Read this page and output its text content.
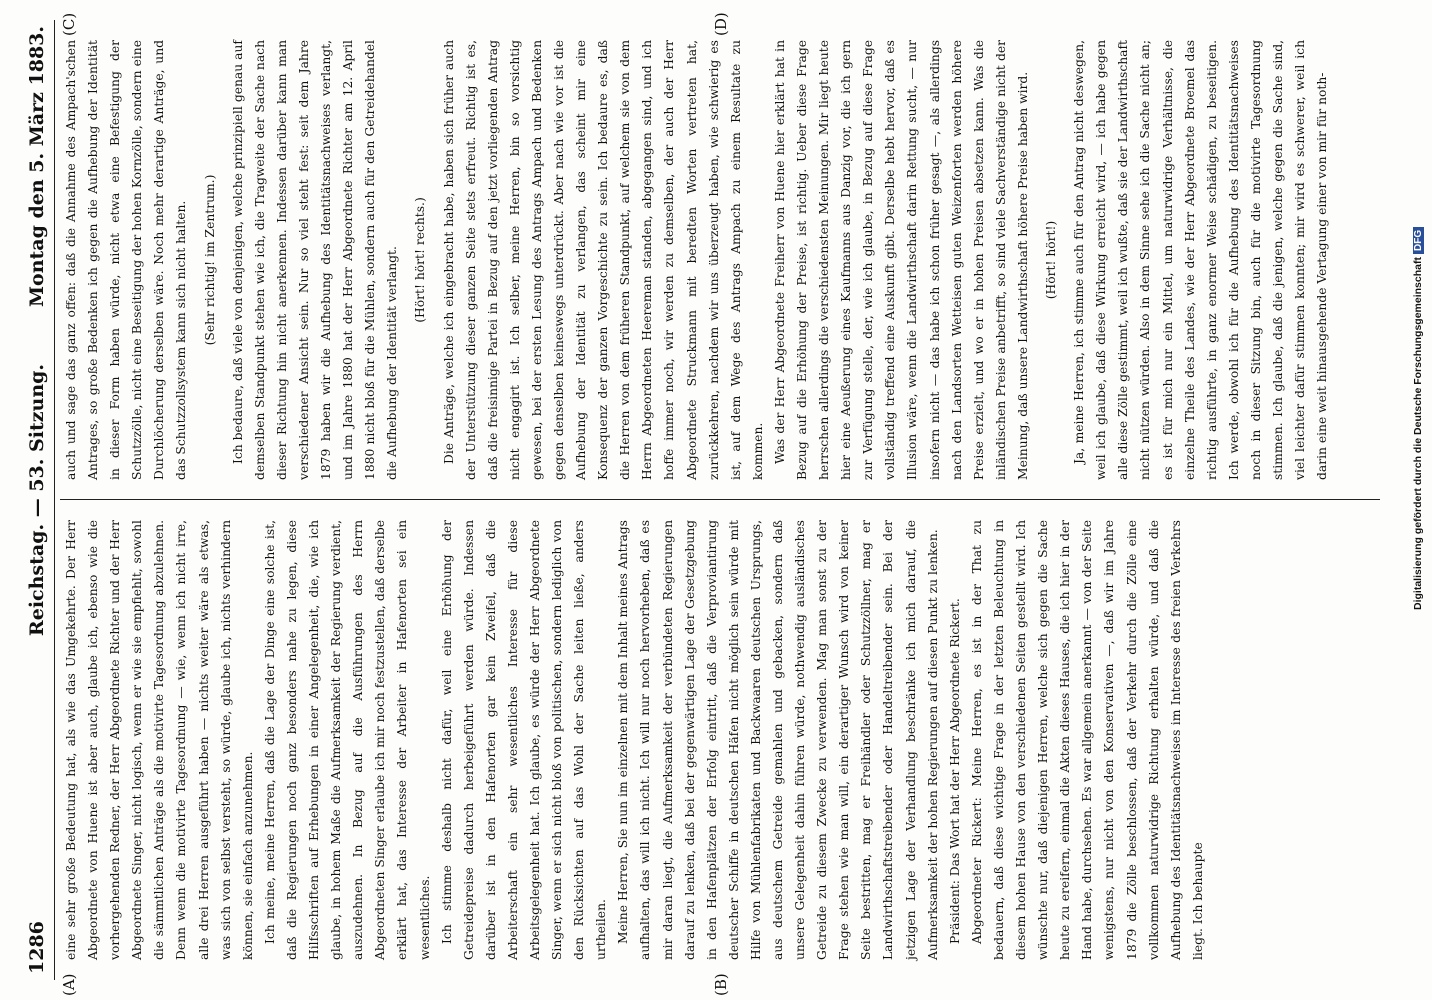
1286
Reichstag. — 53. Sitzung.
Montag den 5. März 1883.
(A)	(B)
(C)	(D)

eine sehr große Bedeutung hat, als wie das Umgekehrte. Der Herr Abgeordnete von Huene ist aber auch, glaube ich, ebenso wie die vorhergehenden Redner, der Herr Abgeordnete Richter und der Herr Abgeordnete Singer, nicht logisch, wenn er wie sie empfiehlt, sowohl die sämmtlichen Anträge als die motivirte Tagesordnung abzulehnen. Denn wenn die motivirte Tagesordnung — wie, wenn ich nicht irre, alle drei Herren ausgeführt haben — nichts weiter wäre als etwas, was sich von selbst versteht, so würde, glaube ich, nichts verhindern können, sie einfach anzunehmen. Ich meine, meine Herren, daß die Lage der Dinge eine solche ist, daß die Regierungen noch ganz besonders nahe zu legen, diese Hilfsschriften auf Erhebungen in einer Angelegenheit, die, wie ich glaube, in hohem Maße die Aufmerksamkeit der Regierung verdient, auszudehnen. In Bezug auf die Ausführungen des Herrn Abgeordneten Singer erlaube ich mir noch festzustellen, daß derselbe erklärt hat, das Interesse der Arbeiter in Hafenorten sei ein wesentliches. Ich stimme deshalb nicht dafür, weil eine Erhöhung der Getreidepreise dadurch herbeigeführt werden würde. Indessen darüber ist in den Hafenorten gar kein Zweifel, daß die Arbeiterschaft ein sehr wesentliches Interesse für diese Arbeitsgelegenheit hat. Ich glaube, es würde der Herr Abgeordnete Singer, wenn er sich nicht bloß von politischen, sondern lediglich von den Rücksichten auf das Wohl der Sache leiten ließe, anders urtheilen. Meine Herren, Sie nun im einzelnen mit dem Inhalt meines Antrags aufhalten, das will ich nicht. Ich will nur noch hervorheben, daß es mir daran liegt, die Aufmerksamkeit der verbündeten Regierungen darauf zu lenken, daß bei der gegenwärtigen Lage der Gesetzgebung in den Hafenplätzen der Erfolg eintritt, daß die Verproviantirung deutscher Schiffe in deutschen Häfen nicht möglich sein würde mit Hilfe von Mühlenfabrikaten und Backwaaren deutschen Ursprungs, aus deutschem Getreide gemahlen und gebacken, sondern daß unsere Gelegenheit dahin führen würde, nothwendig ausländisches Getreide zu diesem Zwecke zu verwenden. Mag man sonst zu der Frage stehen wie man will, ein derartiger Wunsch wird von keiner Seite bestritten, mag er Freihändler oder Schutzzöllner, mag er Landwirthschaftstreibender oder Handeltreibender sein. Bei der jetzigen Lage der Verhandlung beschränke ich mich darauf, die Aufmerksamkeit der hohen Regierungen auf diesen Punkt zu lenken. Präsident: Das Wort hat der Herr Abgeordnete Rickert. Abgeordneter Rickert: Meine Herren, es ist in der That zu bedauern, daß diese wichtige Frage in der letzten Beleuchtung in diesem hohen Hause von den verschiedenen Seiten gestellt wird. Ich wünschte nur, daß diejenigen Herren, welche sich gegen die Sache heute zu ereifern, einmal die Akten dieses Hauses, die ich hier in der Hand habe, durchsehen. Es war allgemein anerkannt — von der Seite wenigstens, nur nicht von den Konservativen —, daß wir im Jahre 1879 die Zölle beschlossen, daß der Verkehr durch die Zölle eine vollkommen naturwidrige Richtung erhalten würde, und daß die Aufhebung des Identitätsnachweises im Interesse des freien Verkehrs liegt. Ich behaupte

auch und sage das ganz offen: daß die Annahme des Ampach'schen Antrages, so große Bedenken ich gegen die Aufhebung der Identität in dieser Form haben würde, nicht etwa eine Befestigung der Schutzzölle, nicht eine Beseitigung der hohen Kornzölle, sondern eine Durchlöcherung derselben wäre. Noch mehr derartige Anträge, und das Schutzzollsystem kann sich nicht halten.	(Sehr richtig! im Zentrum.)	Ich bedaure, daß viele von denjenigen, welche prinzipiell genau auf demselben Standpunkt stehen wie ich, die Tragweite der Sache nach dieser Richtung hin nicht anerkennen. Indessen darüber kann man verschiedener Ansicht sein. Nur so viel steht fest: seit dem Jahre 1879 haben wir die Aufhebung des Identitätsnachweises verlangt, und im Jahre 1880 hat der Herr Abgeordnete Richter am 12. April 1880 nicht bloß für die Mühlen, sondern auch für den Getreidehandel die Aufhebung der Identität verlangt.	(Hört! hört! rechts.)	Die Anträge, welche ich eingebracht habe, haben sich früher auch der Unterstützung dieser ganzen Seite stets erfreut. Richtig ist es, daß die freisinnige Partei in Bezug auf den jetzt vorliegenden Antrag nicht engagirt ist. Ich selber, meine Herren, bin so vorsichtig gewesen, bei der ersten Lesung des Antrags Ampach und Bedenken gegen denselben keineswegs unterdrückt. Aber nach wie vor ist die Aufhebung der Identität zu verlangen, das scheint mir eine Konsequenz der ganzen Vorgeschichte zu sein. Ich bedaure es, daß die Herren von dem früheren Standpunkt, auf welchem sie von dem Herrn Abgeordneten Heereman standen, abgegangen sind, und ich hoffe immer noch, wir werden zu demselben, der auch der Herr Abgeordnete Struckmann mit beredten Worten vertreten hat, zurückkehren, nachdem wir uns überzeugt haben, wie schwierig es ist, auf dem Wege des Antrags Ampach zu einem Resultate zu kommen. Was der Herr Abgeordnete Freiherr von Huene hier erklärt hat in Bezug auf die Erhöhung der Preise, ist richtig. Ueber diese Frage herrschen allerdings die verschiedensten Meinungen. Mir liegt heute hier eine Aeußerung eines Kaufmanns aus Danzig vor, die ich gern zur Verfügung stelle, der, wie ich glaube, in Bezug auf diese Frage vollständig treffend eine Auskunft gibt. Derselbe hebt hervor, daß es Illusion wäre, wenn die Landwirthschaft darin Rettung sucht, — nur insofern nicht — das habe ich schon früher gesagt —, als allerdings nach den Landsorten Wetteisen guten Weizenforten werden höhere Preise erzielt, und wo er in hohen Preisen absetzen kann. Was die inländischen Preise anbetrifft, so sind viele Sachverständige nicht der Meinung, daß unsere Landwirthschaft höhere Preise haben wird.	(Hört! hört!)	Ja, meine Herren, ich stimme auch für den Antrag nicht deswegen, weil ich glaube, daß diese Wirkung erreicht wird, — ich habe gegen alle diese Zölle gestimmt, weil ich wußte, daß sie der Landwirthschaft nicht nützen würden. Also in dem Sinne sehe ich die Sache nicht an; es ist für mich nur ein Mittel, um naturwidrige Verhältnisse, die einzelne Theile des Landes, wie der Herr Abgeordnete Broemel das richtig ausführte, in ganz enormer Weise schädigen, zu beseitigen. Ich werde, obwohl ich für die Aufhebung des Identitätsnachweises noch in dieser Sitzung bin, auch für die motivirte Tagesordnung stimmen. Ich glaube, daß die jenigen, welche gegen die Sache sind, viel leichter dafür stimmen konnten; mir wird es schwerer, weil ich darin eine weit hinausgehende Vertagung einer von mir für noth-	Digitalisierung gefördert durch die Deutsche ForschungsgemeinschaftDFG
